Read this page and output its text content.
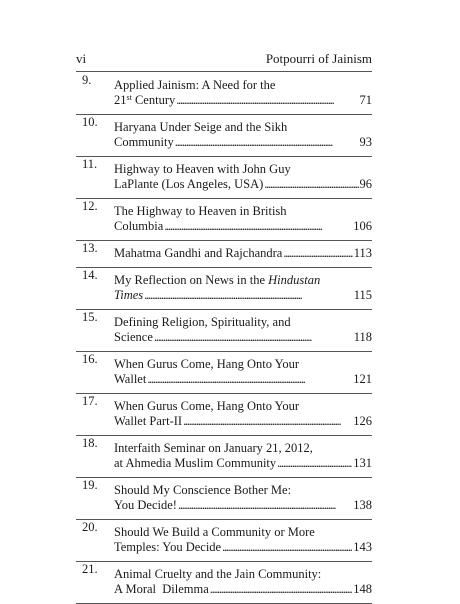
vi	Potpourri of Jainism
9. Applied Jainism: A Need for the
21st Century . . .	71
10. Haryana Under Seige and the Sikh
Community . . .	93
11. Highway to Heaven with John Guy
LaPlante (Los Angeles, USA) . . .	96
12. The Highway to Heaven in British
Columbia . . .	106
13. Mahatma Gandhi and Rajchandra . . .	113
14. My Reflection on News in the Hindustan
Times . . .	115
15. Defining Religion, Spirituality, and
Science . . .	118
16. When Gurus Come, Hang Onto Your
Wallet . . .	121
17. When Gurus Come, Hang Onto Your
Wallet Part-II . . .	126
18. Interfaith Seminar on January 21, 2012,
at Ahmedia Muslim Community . . .	131
19. Should My Conscience Bother Me:
You Decide! . . .	138
20. Should We Build a Community or More
Temples: You Decide . . .	143
21. Animal Cruelty and the Jain Community:
A Moral  Dilemma . . .	148
